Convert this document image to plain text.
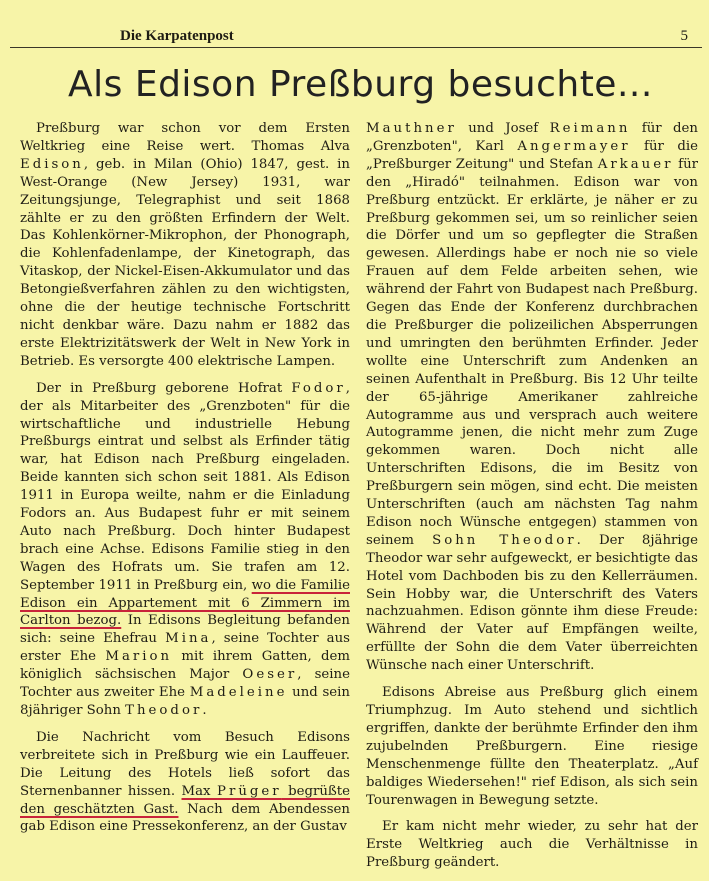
Die Karpatenpost	5
Als Edison Preßburg besuchte...

Preßburg war schon vor dem Ersten Weltkrieg eine Reise wert. Thomas Alva Edison, geb. in Milan (Ohio) 1847, gest. in West-Orange (New Jersey) 1931, war Zeitungsjunge, Telegraphist und seit 1868 zählte er zu den größten Erfindern der Welt. Das Kohlenkörner-Mikrophon, der Phonograph, die Kohlenfadenlampe, der Kinetograph, das Vitaskop, der Nickel-Eisen-Akkumulator und das Betongießverfahren zählen zu den wichtigsten, ohne die der heutige technische Fortschritt nicht denkbar wäre. Dazu nahm er 1882 das erste Elektrizitätswerk der Welt in New York in Betrieb. Es versorgte 400 elektrische Lampen.

Der in Preßburg geborene Hofrat Fodor, der als Mitarbeiter des „Grenzboten" für die wirtschaftliche und industrielle Hebung Preßburgs eintrat und selbst als Erfinder tätig war, hat Edison nach Preßburg eingeladen. Beide kannten sich schon seit 1881. Als Edison 1911 in Europa weilte, nahm er die Einladung Fodors an. Aus Budapest fuhr er mit seinem Auto nach Preßburg. Doch hinter Budapest brach eine Achse. Edisons Familie stieg in den Wagen des Hofrats um. Sie trafen am 12. September 1911 in Preßburg ein, wo die Familie Edison ein Appartement mit 6 Zimmern im Carlton bezog. In Edisons Begleitung befanden sich: seine Ehefrau Mina, seine Tochter aus erster Ehe Marion mit ihrem Gatten, dem königlich sächsischen Major Oeser, seine Tochter aus zweiter Ehe Madeleine und sein 8jähriger Sohn Theodor.

Die Nachricht vom Besuch Edisons verbreitete sich in Preßburg wie ein Lauffeuer. Die Leitung des Hotels ließ sofort das Sternenbanner hissen. Max Prüger begrüßte den geschätzten Gast. Nach dem Abendessen gab Edison eine Pressekonferenz, an der Gustav

Mauthner und Josef Reimann für den „Grenzboten", Karl Angermayer für die „Preßburger Zeitung" und Stefan Arkauer für den „Hiradó" teilnahmen. Edison war von Preßburg entzückt. Er erklärte, je näher er zu Preßburg gekommen sei, um so reinlicher seien die Dörfer und um so gepflegter die Straßen gewesen. Allerdings habe er noch nie so viele Frauen auf dem Felde arbeiten sehen, wie während der Fahrt von Budapest nach Preßburg. Gegen das Ende der Konferenz durchbrachen die Preßburger die polizeilichen Absperrungen und umringten den berühmten Erfinder. Jeder wollte eine Unterschrift zum Andenken an seinen Aufenthalt in Preßburg. Bis 12 Uhr teilte der 65-jährige Amerikaner zahlreiche Autogramme aus und versprach auch weitere Autogramme jenen, die nicht mehr zum Zuge gekommen waren. Doch nicht alle Unterschriften Edisons, die im Besitz von Preßburgern sein mögen, sind echt. Die meisten Unterschriften (auch am nächsten Tag nahm Edison noch Wünsche entgegen) stammen von seinem Sohn Theodor. Der 8jährige Theodor war sehr aufgeweckt, er besichtigte das Hotel vom Dachboden bis zu den Kellerräumen. Sein Hobby war, die Unterschrift des Vaters nachzuahmen. Edison gönnte ihm diese Freude: Während der Vater auf Empfängen weilte, erfüllte der Sohn die dem Vater überreichten Wünsche nach einer Unterschrift.

Edisons Abreise aus Preßburg glich einem Triumphzug. Im Auto stehend und sichtlich ergriffen, dankte der berühmte Erfinder den ihm zujubelnden Preßburgern. Eine riesige Menschenmenge füllte den Theaterplatz. „Auf baldiges Wiedersehen!" rief Edison, als sich sein Tourenwagen in Bewegung setzte.

Er kam nicht mehr wieder, zu sehr hat der Erste Weltkrieg auch die Verhältnisse in Preßburg geändert.
